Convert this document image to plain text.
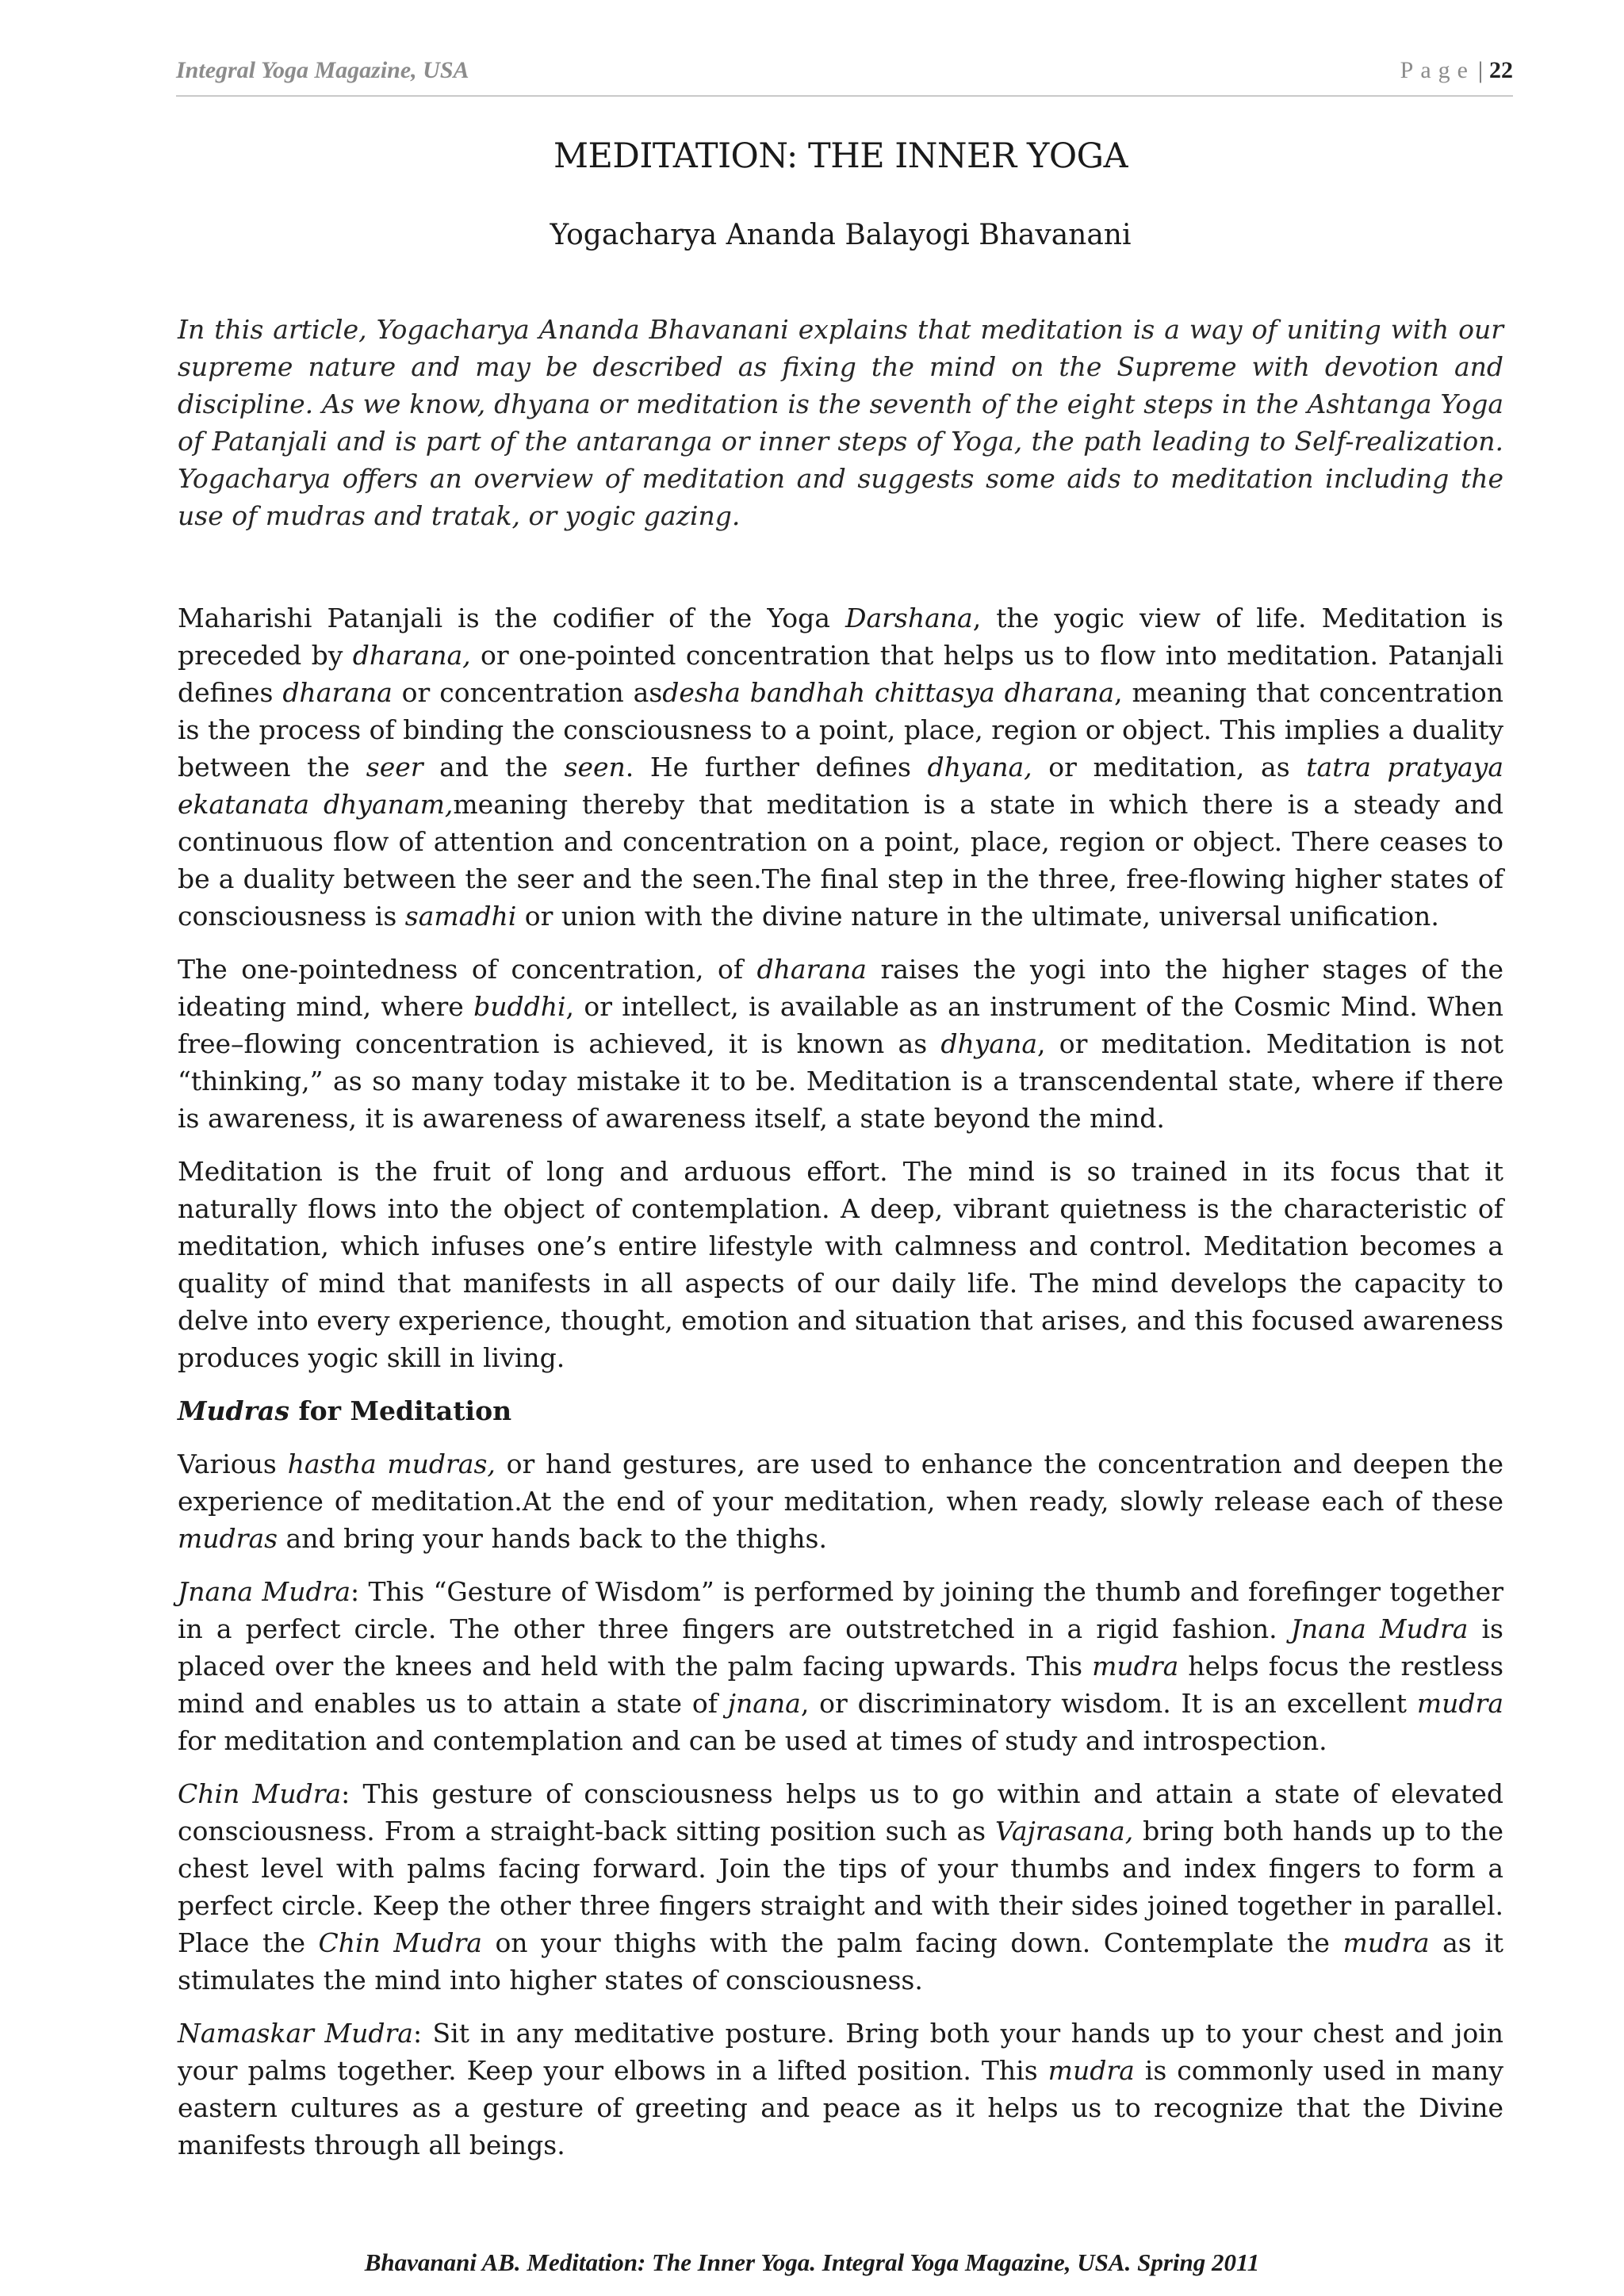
Integral Yoga Magazine, USA	Page | 22
MEDITATION: THE INNER YOGA
Yogacharya Ananda Balayogi Bhavanani
In this article, Yogacharya Ananda Bhavanani explains that meditation is a way of uniting with our supreme nature and may be described as fixing the mind on the Supreme with devotion and discipline. As we know, dhyana or meditation is the seventh of the eight steps in the Ashtanga Yoga of Patanjali and is part of the antaranga or inner steps of Yoga, the path leading to Self-realization. Yogacharya offers an overview of meditation and suggests some aids to meditation including the use of mudras and tratak, or yogic gazing.

Maharishi Patanjali is the codifier of the Yoga Darshana, the yogic view of life. Meditation is preceded by dharana, or one-pointed concentration that helps us to flow into meditation. Patanjali defines dharana or concentration asdesha bandhah chittasya dharana, meaning that concentration is the process of binding the consciousness to a point, place, region or object. This implies a duality between the seer and the seen. He further defines dhyana, or meditation, as tatra pratyaya ekatanata dhyanam,meaning thereby that meditation is a state in which there is a steady and continuous flow of attention and concentration on a point, place, region or object. There ceases to be a duality between the seer and the seen.The final step in the three, free-flowing higher states of consciousness is samadhi or union with the divine nature in the ultimate, universal unification.

The one-pointedness of concentration, of dharana raises the yogi into the higher stages of the ideating mind, where buddhi, or intellect, is available as an instrument of the Cosmic Mind. When free–flowing concentration is achieved, it is known as dhyana, or meditation. Meditation is not “thinking,” as so many today mistake it to be. Meditation is a transcendental state, where if there is awareness, it is awareness of awareness itself, a state beyond the mind.

Meditation is the fruit of long and arduous effort. The mind is so trained in its focus that it naturally flows into the object of contemplation. A deep, vibrant quietness is the characteristic of meditation, which infuses one’s entire lifestyle with calmness and control. Meditation becomes a quality of mind that manifests in all aspects of our daily life. The mind develops the capacity to delve into every experience, thought, emotion and situation that arises, and this focused awareness produces yogic skill in living.

Mudras for Meditation

Various hastha mudras, or hand gestures, are used to enhance the concentration and deepen the experience of meditation.At the end of your meditation, when ready, slowly release each of these mudras and bring your hands back to the thighs.

Jnana Mudra: This “Gesture of Wisdom” is performed by joining the thumb and forefinger together in a perfect circle. The other three fingers are outstretched in a rigid fashion. Jnana Mudra is placed over the knees and held with the palm facing upwards. This mudra helps focus the restless mind and enables us to attain a state of jnana, or discriminatory wisdom. It is an excellent mudra for meditation and contemplation and can be used at times of study and introspection.

Chin Mudra: This gesture of consciousness helps us to go within and attain a state of elevated consciousness. From a straight-back sitting position such as Vajrasana, bring both hands up to the chest level with palms facing forward. Join the tips of your thumbs and index fingers to form a perfect circle. Keep the other three fingers straight and with their sides joined together in parallel. Place the Chin Mudra on your thighs with the palm facing down. Contemplate the mudra as it stimulates the mind into higher states of consciousness.

Namaskar Mudra: Sit in any meditative posture. Bring both your hands up to your chest and join your palms together. Keep your elbows in a lifted position. This mudra is commonly used in many eastern cultures as a gesture of greeting and peace as it helps us to recognize that the Divine manifests through all beings.

Bhavanani AB. Meditation: The Inner Yoga. Integral Yoga Magazine, USA. Spring 2011
